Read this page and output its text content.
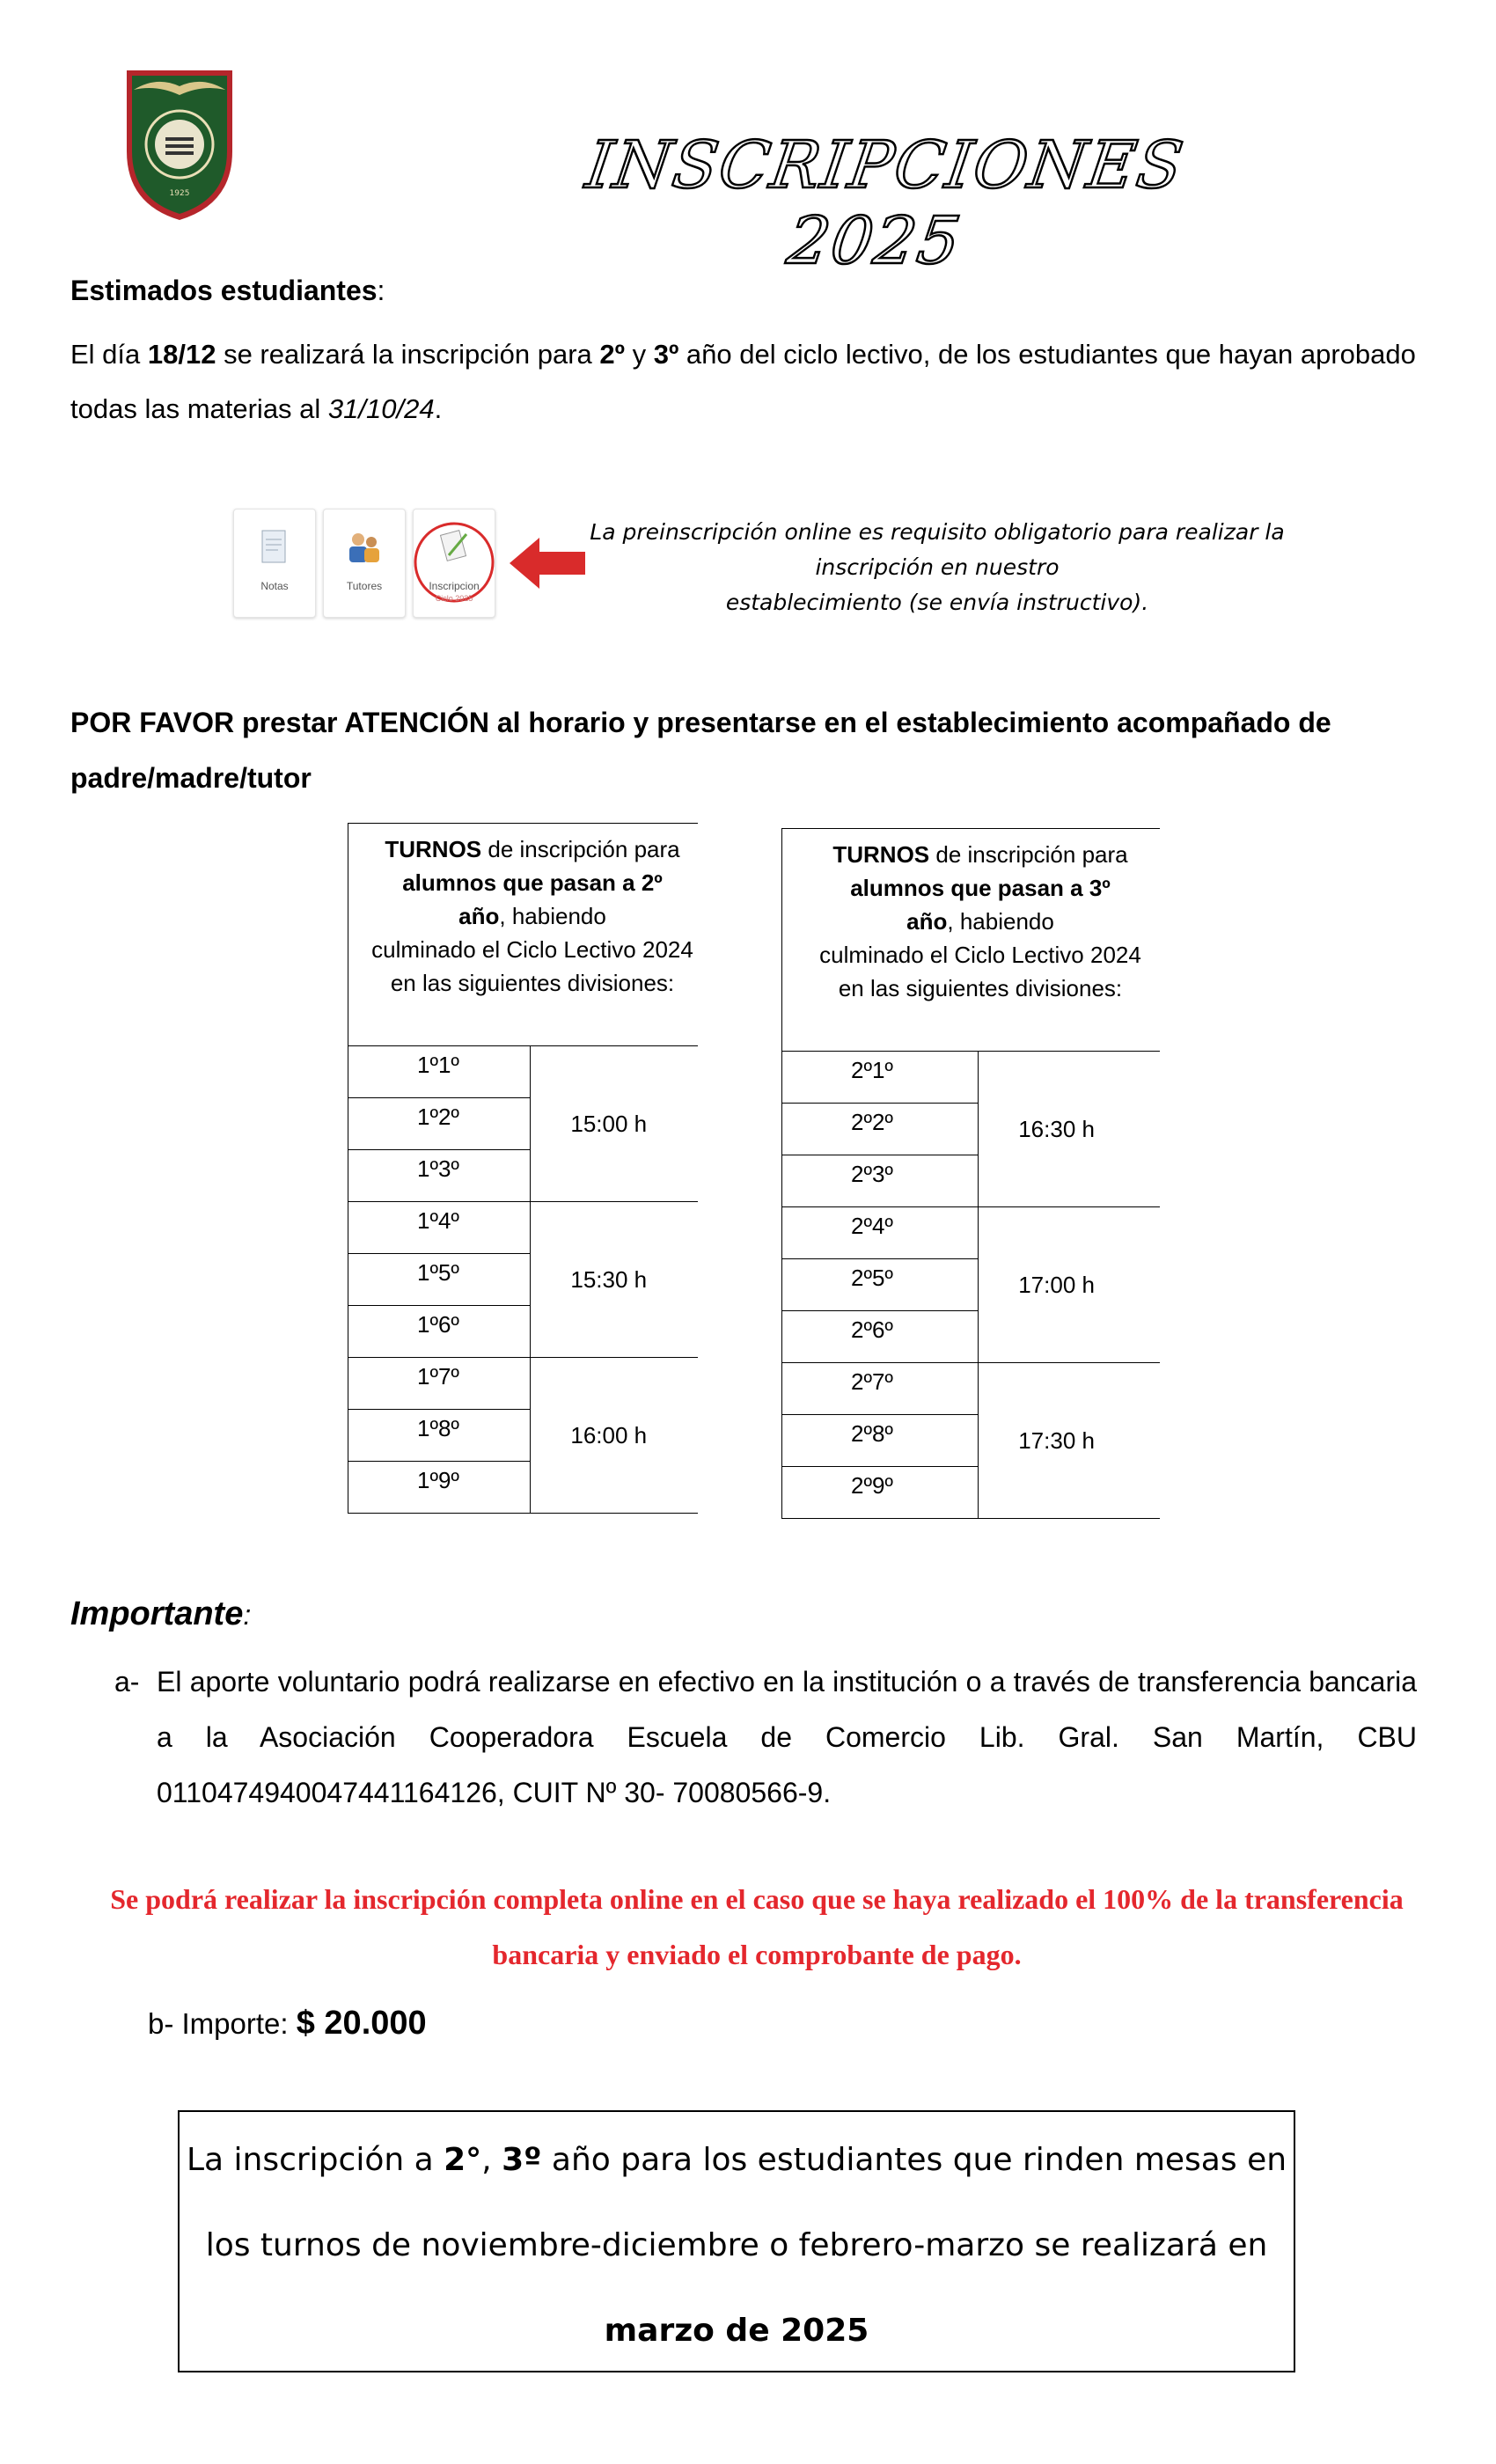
1925	INSCRIPCIONES 2025
Estimados estudiantes:
El día 18/12 se realizará la inscripción para 2º y 3º año del ciclo lectivo, de los estudiantes que hayan aprobado todas las materias al 31/10/24.
Notas	Tutores	Inscripcion
Ciclo 2025
La preinscripción online es requisito obligatorio para realizar la
inscripción en nuestro
establecimiento (se envía instructivo).
POR FAVOR prestar ATENCIÓN al horario y presentarse en el establecimiento acompañado de padre/madre/tutor
TURNOS de inscripción para
alumnos que pasan a 2º
año, habiendo
culminado el Ciclo Lectivo 2024
en las siguientes divisiones:	
1º1º	15:00 h
1º2º	
1º3º	
1º4º	15:30 h
1º5º	
1º6º	
1º7º	16:00 h
1º8º	
1º9º	
TURNOS de inscripción para
alumnos que pasan a 3º
año, habiendo
culminado el Ciclo Lectivo 2024
en las siguientes divisiones:	
2º1º	16:30 h
2º2º	
2º3º	
2º4º	17:00 h
2º5º	
2º6º	
2º7º	17:30 h
2º8º	
2º9º	
Importante:
a- El aporte voluntario podrá realizarse en efectivo en la institución o a través de transferencia bancaria a la Asociación Cooperadora Escuela de Comercio Lib. Gral. San Martín, CBU 0110474940047441164126, CUIT Nº 30- 70080566-9.
Se podrá realizar la inscripción completa online en el caso que se haya realizado el 100% de la transferencia bancaria y enviado el comprobante de pago.
b- Importe: $ 20.000
La inscripción a 2°, 3º año para los estudiantes que rinden mesas en los turnos de noviembre-diciembre o febrero-marzo se realizará en marzo de 2025
